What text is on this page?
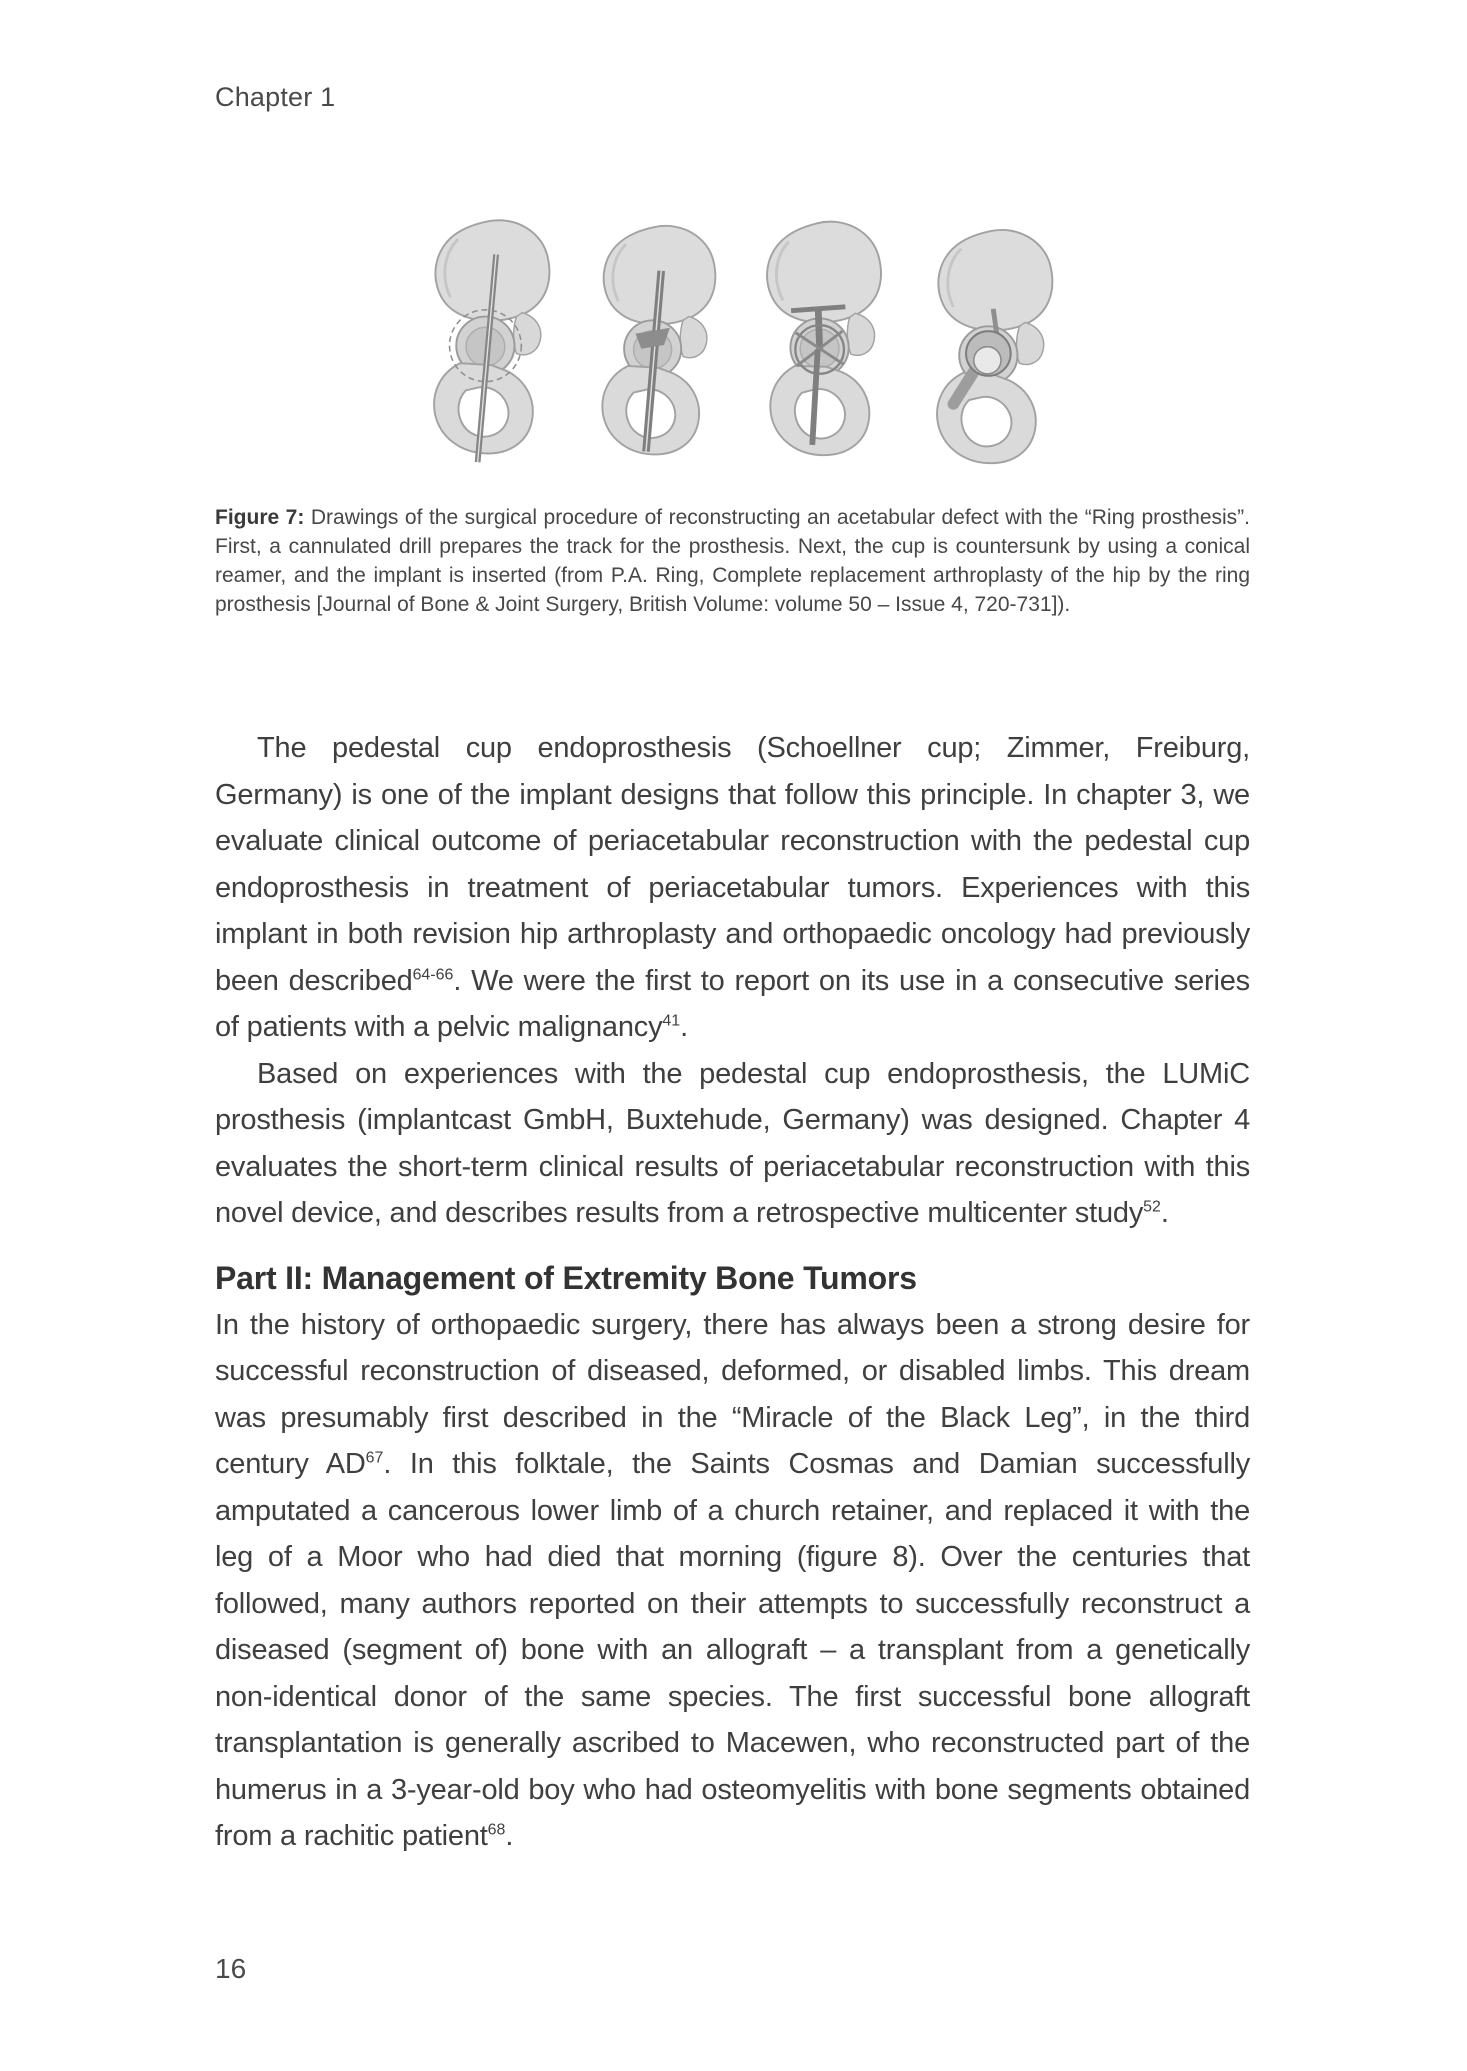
Chapter 1
Figure 7: Drawings of the surgical procedure of reconstructing an acetabular defect with the “Ring prosthesis”. First, a cannulated drill prepares the track for the prosthesis. Next, the cup is countersunk by using a conical reamer, and the implant is inserted (from P.A. Ring, Complete replacement arthroplasty of the hip by the ring prosthesis [Journal of Bone & Joint Surgery, British Volume: volume 50 – Issue 4, 720-731]).

The pedestal cup endoprosthesis (Schoellner cup; Zimmer, Freiburg, Germany) is one of the implant designs that follow this principle. In chapter 3, we evaluate clinical outcome of periacetabular reconstruction with the pedestal cup endoprosthesis in treatment of periacetabular tumors. Experiences with this implant in both revision hip arthroplasty and orthopaedic oncology had previously been described$^{64-66}$. We were the first to report on its use in a consecutive series of patients with a pelvic malignancy$^{41}$.

Based on experiences with the pedestal cup endoprosthesis, the LUMiC prosthesis (implantcast GmbH, Buxtehude, Germany) was designed. Chapter 4 evaluates the short-term clinical results of periacetabular reconstruction with this novel device, and describes results from a retrospective multicenter study$^{52}$.

Part II: Management of Extremity Bone Tumors

In the history of orthopaedic surgery, there has always been a strong desire for successful reconstruction of diseased, deformed, or disabled limbs. This dream was presumably first described in the “Miracle of the Black Leg”, in the third century AD$^{67}$. In this folktale, the Saints Cosmas and Damian successfully amputated a cancerous lower limb of a church retainer, and replaced it with the leg of a Moor who had died that morning (figure 8). Over the centuries that followed, many authors reported on their attempts to successfully reconstruct a diseased (segment of) bone with an allograft – a transplant from a genetically non-identical donor of the same species. The first successful bone allograft transplantation is generally ascribed to Macewen, who reconstructed part of the humerus in a 3-year-old boy who had osteomyelitis with bone segments obtained from a rachitic patient$^{68}$.

16
